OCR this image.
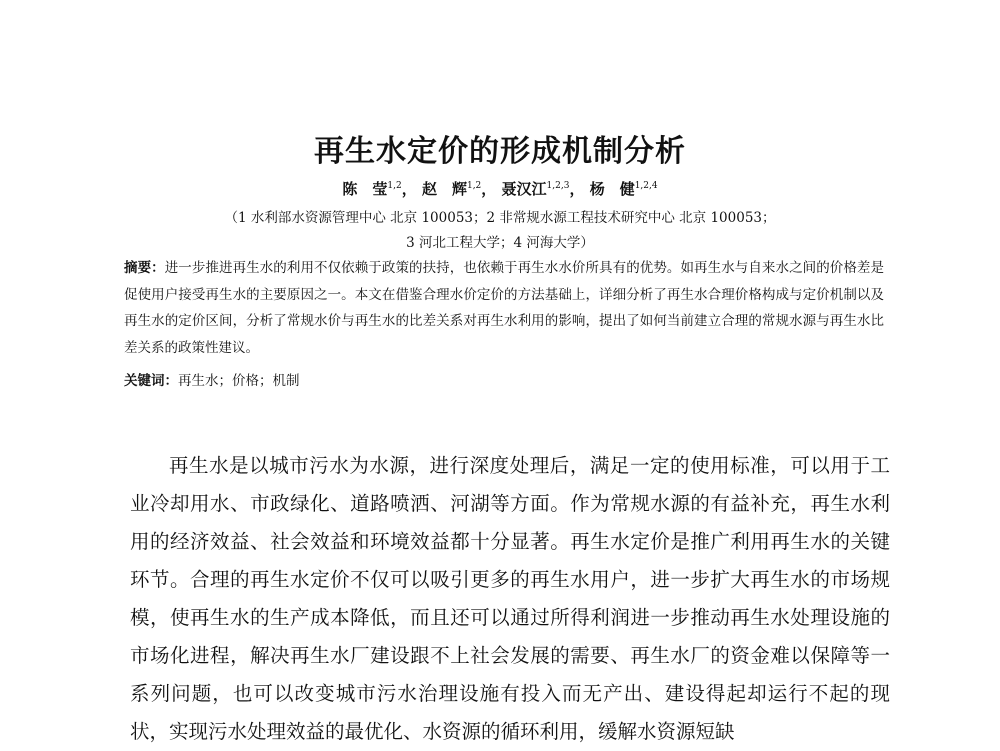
再生水定价的形成机制分析
陈　莹$^{1,2}$， 赵　辉$^{1,2}$， 聂汉江$^{1,2,3}$， 杨　健$^{1,2,4}$
（1 水利部水资源管理中心 北京 100053；2 非常规水源工程技术研究中心 北京 100053；
3 河北工程大学；4 河海大学）
摘要：进一步推进再生水的利用不仅依赖于政策的扶持，也依赖于再生水水价所具有的优势。如再生水与自来水之间的价格差是促使用户接受再生水的主要原因之一。本文在借鉴合理水价定价的方法基础上，详细分析了再生水合理价格构成与定价机制以及再生水的定价区间，分析了常规水价与再生水的比差关系对再生水利用的影响，提出了如何当前建立合理的常规水源与再生水比差关系的政策性建议。
关键词：再生水；价格；机制
再生水是以城市污水为水源，进行深度处理后，满足一定的使用标准，可以用于工业冷却用水、市政绿化、道路喷洒、河湖等方面。作为常规水源的有益补充，再生水利用的经济效益、社会效益和环境效益都十分显著。再生水定价是推广利用再生水的关键环节。合理的再生水定价不仅可以吸引更多的再生水用户，进一步扩大再生水的市场规模，使再生水的生产成本降低，而且还可以通过所得利润进一步推动再生水处理设施的市场化进程，解决再生水厂建设跟不上社会发展的需要、再生水厂的资金难以保障等一系列问题，也可以改变城市污水治理设施有投入而无产出、建设得起却运行不起的现状，实现污水处理效益的最优化、水资源的循环利用，缓解水资源短缺
